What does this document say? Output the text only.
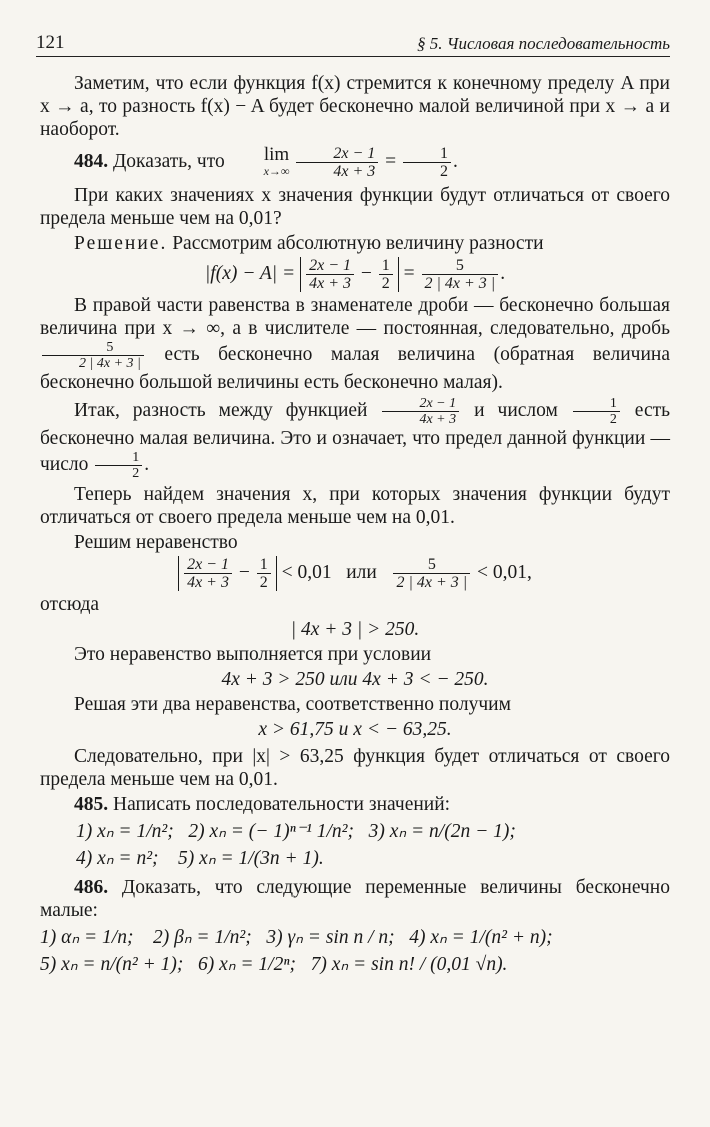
121	§ 5. Числовая последовательность

Заметим, что если функция f(x) стремится к конечному пределу A при x → a, то разность f(x) − A будет бесконечно малой величиной при x → a и наоборот.

484. Доказать, что	lim
x→∞
$\frac{2x - 1}{4x + 3} = \frac{1}{2}$ .

При каких значениях x значения функции будут отличаться от своего предела меньше чем на 0,01?

Решение. Рассмотрим абсолютную величину разности

$|f(x) - A| = \frac{2x - 1}{4x + 3} - \frac{1}{2} = \frac{5}{2 | 4x + 3 |}$ .

В правой части равенства в знаменателе дроби — бесконечно большая величина при x → ∞, а в числителе — постоянная, следовательно, дробь
$\frac{5}{2 | 4x + 3 |}$ есть бесконечно малая величина (обратная величина бесконечно большой величины есть бесконечно малая).

Итак, разность между функцией $\frac{2x - 1}{4x + 3}$ и числом $\frac{1}{2}$ есть бесконечно малая величина. Это и означает, что предел данной функции — число $\frac{1}{2}$ .

Теперь найдем значения x, при которых значения функции будут отличаться от своего предела меньше чем на 0,01.

Решим неравенство

$\frac{2x - 1}{4x + 3} - \frac{1}{2} < 0,01$ или $\frac{5}{2 | 4x + 3 |} < 0,01$,

отсюда

| 4x + 3 | > 250.

Это неравенство выполняется при условии

4x + 3 > 250 или 4x + 3 < − 250.

Решая эти два неравенства, соответственно получим

x > 61,75 и x < − 63,25.

Следовательно, при |x| > 63,25 функция будет отличаться от своего предела меньше чем на 0,01.

485. Написать последовательности значений:

1) xₙ = 1/n²; 2) xₙ = (− 1)ⁿ⁻¹ 1/n²; 3) xₙ = n/(2n − 1);
4) xₙ = n²; 5) xₙ = 1/(3n + 1).

486. Доказать, что следующие переменные величины бесконечно малые:

1) αₙ = 1/n; 2) βₙ = 1/n²; 3) γₙ = sin n / n; 4) xₙ = 1/(n² + n);
5) xₙ = n/(n² + 1); 6) xₙ = 1/2ⁿ; 7) xₙ = sin n! / (0,01 √n).
